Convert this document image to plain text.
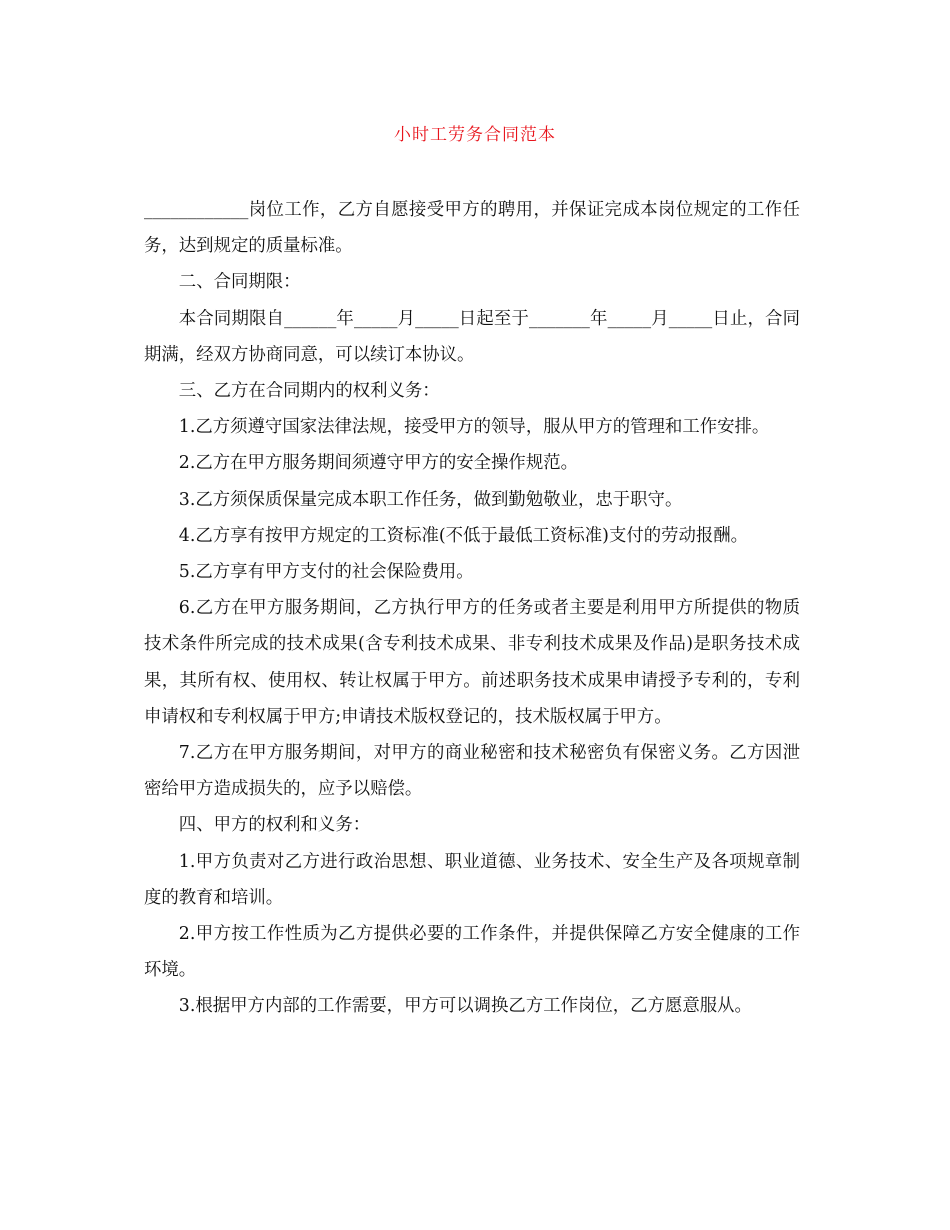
小时工劳务合同范本

____________岗位工作，乙方自愿接受甲方的聘用，并保证完成本岗位规定的工作任务，达到规定的质量标准。

二、合同期限：

本合同期限自______年_____月_____日起至于_______年_____月_____日止，合同期满，经双方协商同意，可以续订本协议。

三、乙方在合同期内的权利义务：

1.乙方须遵守国家法律法规，接受甲方的领导，服从甲方的管理和工作安排。

2.乙方在甲方服务期间须遵守甲方的安全操作规范。

3.乙方须保质保量完成本职工作任务，做到勤勉敬业，忠于职守。

4.乙方享有按甲方规定的工资标准(不低于最低工资标准)支付的劳动报酬。

5.乙方享有甲方支付的社会保险费用。

6.乙方在甲方服务期间，乙方执行甲方的任务或者主要是利用甲方所提供的物质技术条件所完成的技术成果(含专利技术成果、非专利技术成果及作品)是职务技术成果，其所有权、使用权、转让权属于甲方。前述职务技术成果申请授予专利的，专利申请权和专利权属于甲方;申请技术版权登记的，技术版权属于甲方。

7.乙方在甲方服务期间，对甲方的商业秘密和技术秘密负有保密义务。乙方因泄密给甲方造成损失的，应予以赔偿。

四、甲方的权利和义务：

1.甲方负责对乙方进行政治思想、职业道德、业务技术、安全生产及各项规章制度的教育和培训。

2.甲方按工作性质为乙方提供必要的工作条件，并提供保障乙方安全健康的工作环境。

3.根据甲方内部的工作需要，甲方可以调换乙方工作岗位，乙方愿意服从。
